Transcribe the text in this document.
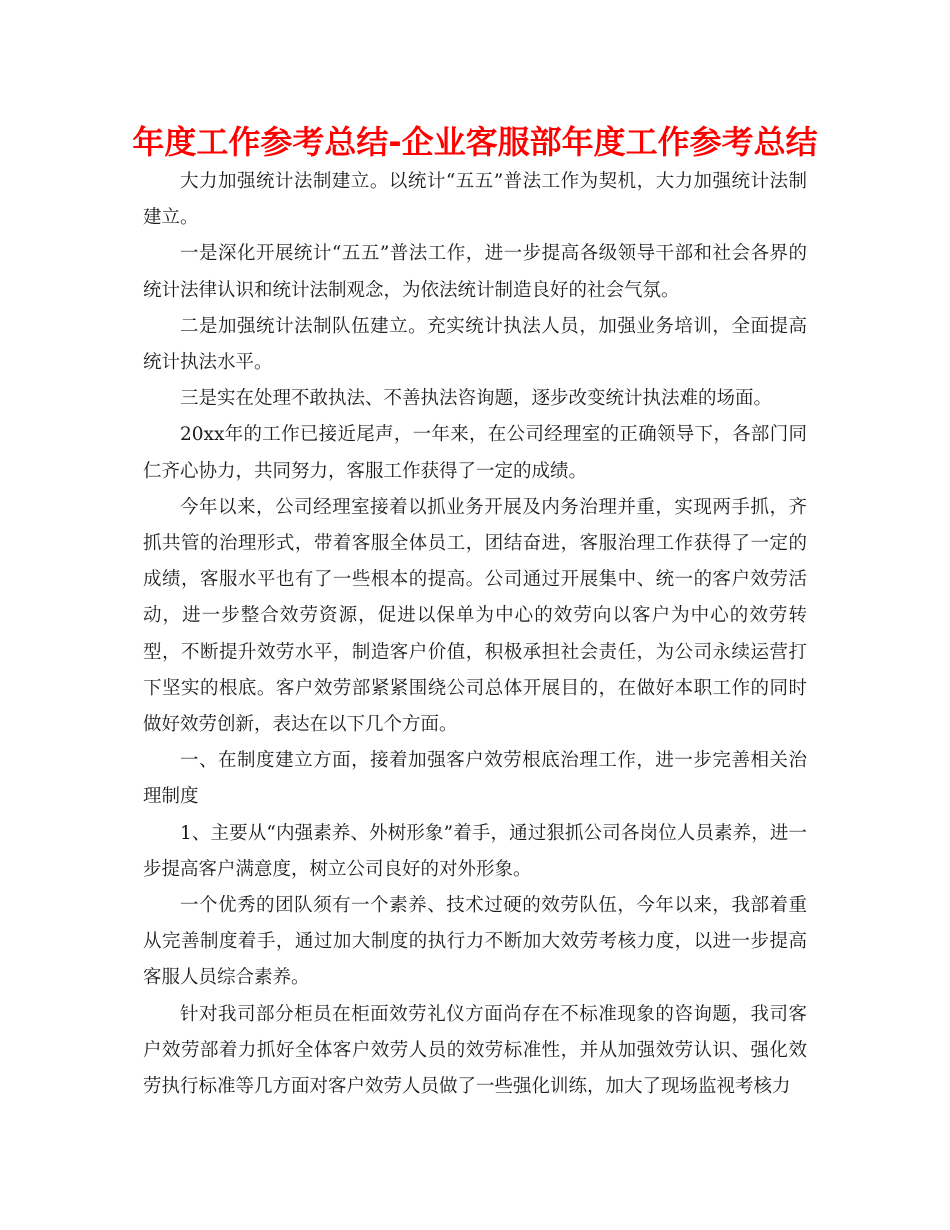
年度工作参考总结-企业客服部年度工作参考总结

大力加强统计法制建立。以统计“五五”普法工作为契机，大力加强统计法制建立。

一是深化开展统计“五五”普法工作，进一步提高各级领导干部和社会各界的统计法律认识和统计法制观念，为依法统计制造良好的社会气氛。

二是加强统计法制队伍建立。充实统计执法人员，加强业务培训，全面提高统计执法水平。

三是实在处理不敢执法、不善执法咨询题，逐步改变统计执法难的场面。

20xx年的工作已接近尾声，一年来，在公司经理室的正确领导下，各部门同仁齐心协力，共同努力，客服工作获得了一定的成绩。

今年以来，公司经理室接着以抓业务开展及内务治理并重，实现两手抓，齐抓共管的治理形式，带着客服全体员工，团结奋进，客服治理工作获得了一定的成绩，客服水平也有了一些根本的提高。公司通过开展集中、统一的客户效劳活动，进一步整合效劳资源，促进以保单为中心的效劳向以客户为中心的效劳转型，不断提升效劳水平，制造客户价值，积极承担社会责任，为公司永续运营打下坚实的根底。客户效劳部紧紧围绕公司总体开展目的，在做好本职工作的同时做好效劳创新，表达在以下几个方面。

一、在制度建立方面，接着加强客户效劳根底治理工作，进一步完善相关治理制度

1、主要从“内强素养、外树形象”着手，通过狠抓公司各岗位人员素养，进一步提高客户满意度，树立公司良好的对外形象。

一个优秀的团队须有一个素养、技术过硬的效劳队伍，今年以来，我部着重从完善制度着手，通过加大制度的执行力不断加大效劳考核力度，以进一步提高客服人员综合素养。

针对我司部分柜员在柜面效劳礼仪方面尚存在不标准现象的咨询题，我司客户效劳部着力抓好全体客户效劳人员的效劳标准性，并从加强效劳认识、强化效劳执行标准等几方面对客户效劳人员做了一些强化训练，加大了现场监视考核力
